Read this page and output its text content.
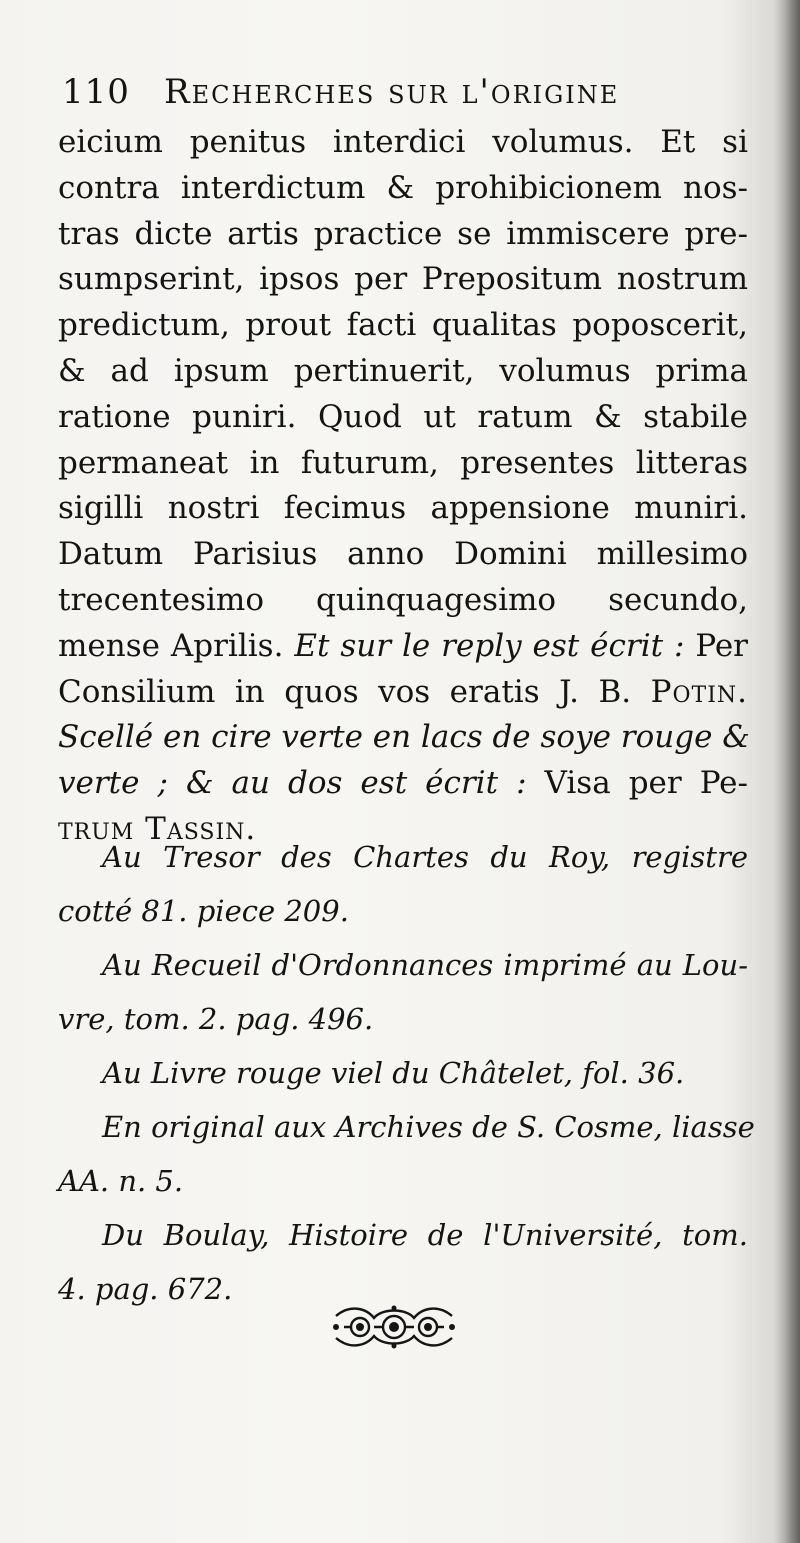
110 Recherches sur l'origine
eicium penitus interdici volumus. Et si
contra interdictum & prohibicionem nos-
tras dicte artis practice se immiscere pre-
sumpserint, ipsos per Prepositum nostrum
predictum, prout facti qualitas poposcerit,
& ad ipsum pertinuerit, volumus prima
ratione puniri. Quod ut ratum & stabile
permaneat in futurum, presentes litteras
sigilli nostri fecimus appensione muniri.
Datum Parisius anno Domini millesimo
trecentesimo quinquagesimo secundo,
mense Aprilis. Et sur le reply est écrit : Per
Consilium in quos vos eratis J. B. Potin.
Scellé en cire verte en lacs de soye rouge &
verte ; & au dos est écrit : Visa per Pe-
trum Tassin.
Au Tresor des Chartes du Roy, registre
cotté 81. piece 209.
Au Recueil d'Ordonnances imprimé au Lou-
vre, tom. 2. pag. 496.
Au Livre rouge viel du Châtelet, fol. 36.
En original aux Archives de S. Cosme, liasse
AA. n. 5.
Du Boulay, Histoire de l'Université, tom.
4. pag. 672.
